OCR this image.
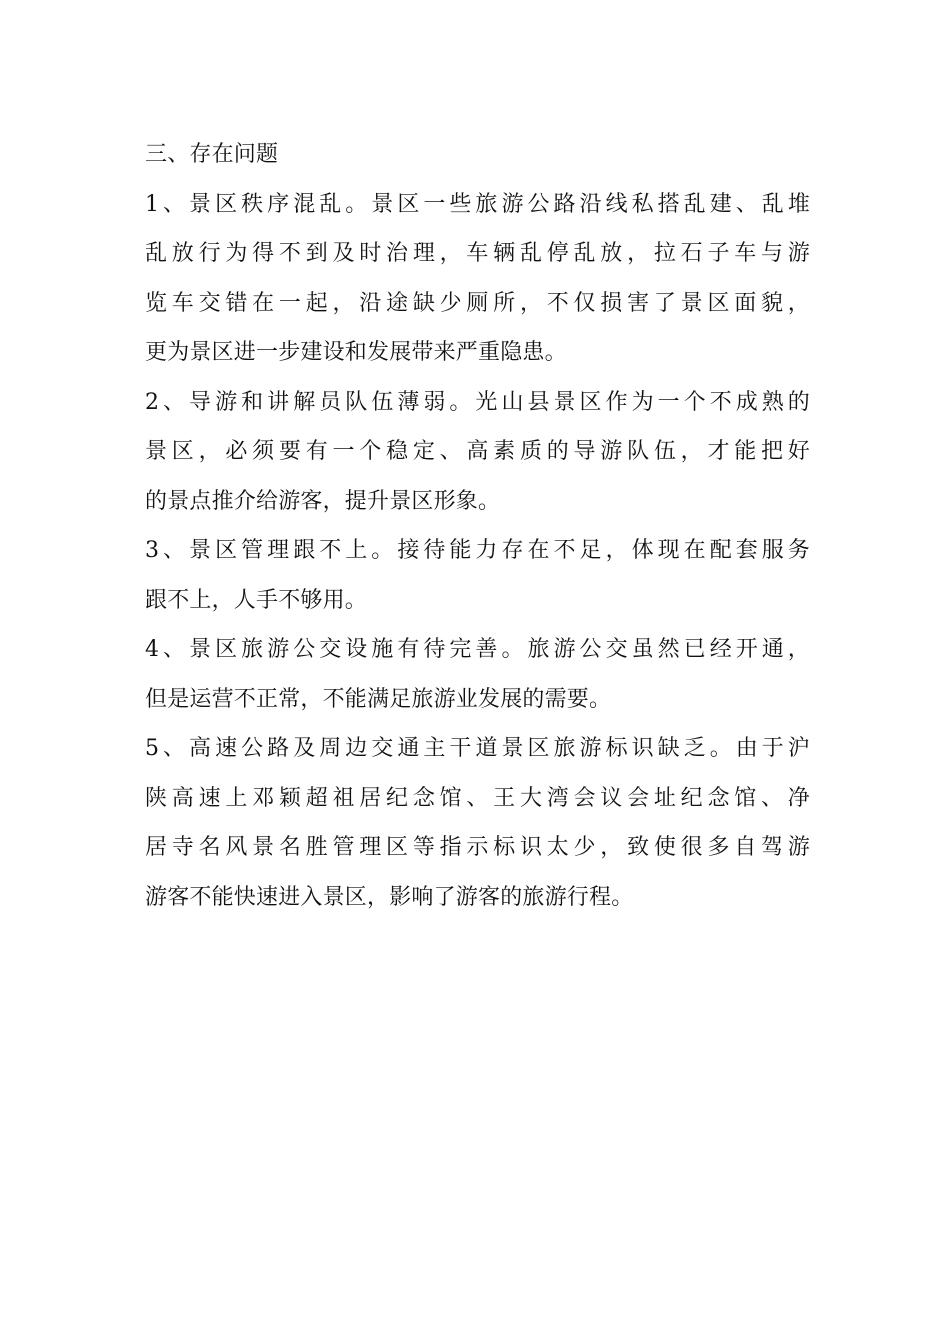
三、存在问题
1、景区秩序混乱。景区一些旅游公路沿线私搭乱建、乱堆
乱放行为得不到及时治理，车辆乱停乱放，拉石子车与游
览车交错在一起，沿途缺少厕所，不仅损害了景区面貌，
更为景区进一步建设和发展带来严重隐患。
2、导游和讲解员队伍薄弱。光山县景区作为一个不成熟的
景区，必须要有一个稳定、高素质的导游队伍，才能把好
的景点推介给游客，提升景区形象。
3、景区管理跟不上。接待能力存在不足，体现在配套服务
跟不上，人手不够用。
4、景区旅游公交设施有待完善。旅游公交虽然已经开通，
但是运营不正常，不能满足旅游业发展的需要。
5、高速公路及周边交通主干道景区旅游标识缺乏。由于沪
陕高速上邓颖超祖居纪念馆、王大湾会议会址纪念馆、净
居寺名风景名胜管理区等指示标识太少，致使很多自驾游
游客不能快速进入景区，影响了游客的旅游行程。
